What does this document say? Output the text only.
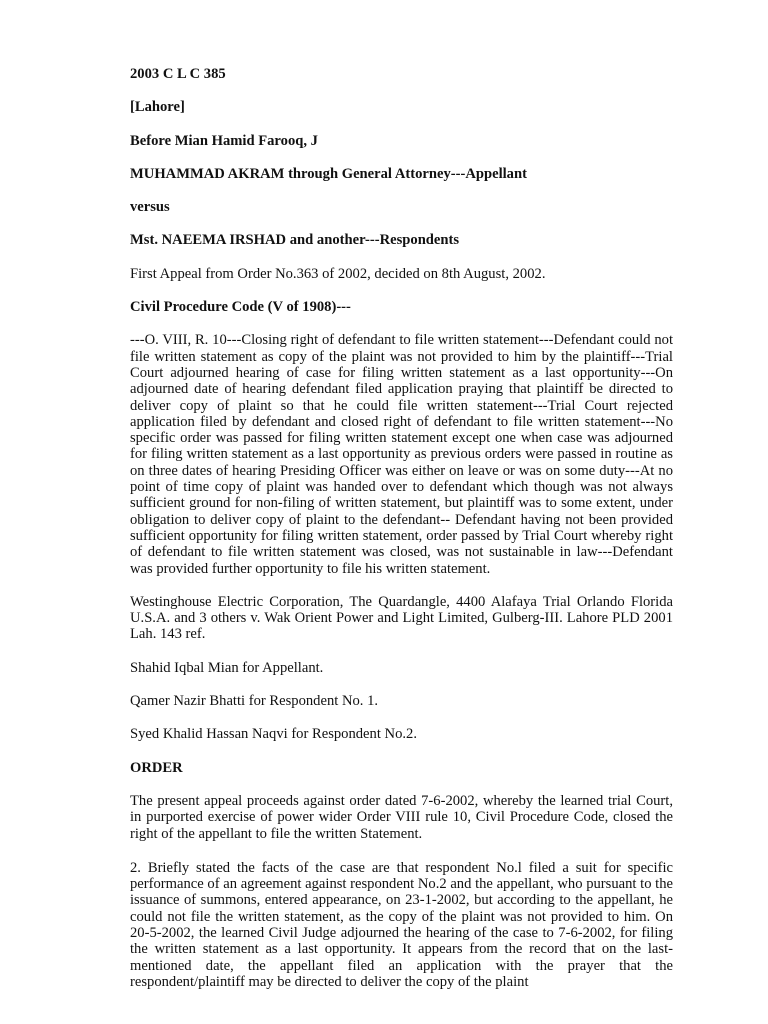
2003 C L C 385

[Lahore]

Before Mian Hamid Farooq, J

MUHAMMAD AKRAM through General Attorney---Appellant

versus

Mst. NAEEMA IRSHAD and another---Respondents

First Appeal from Order No.363 of 2002, decided on 8th August, 2002.

Civil Procedure Code (V of 1908)---

---O. VIII, R. 10---Closing right of defendant to file written statement---Defendant could not file written statement as copy of the plaint was not provided to him by the plaintiff---Trial Court adjourned hearing of case for filing written statement as a last opportunity---On adjourned date of hearing defendant filed application praying that plaintiff be directed to deliver copy of plaint so that he could file written statement---Trial Court rejected application filed by defendant and closed right of defendant to file written statement---No specific order was passed for filing written statement except one when case was adjourned for filing written statement as a last opportunity as previous orders were passed in routine as on three dates of hearing Presiding Officer was either on leave or was on some duty---At no point of time copy of plaint was handed over to defendant which though was not always sufficient ground for non-filing of written statement, but plaintiff was to some extent, under obligation to deliver copy of plaint to the defendant-- Defendant having not been provided sufficient opportunity for filing written statement, order passed by Trial Court whereby right of defendant to file written statement was closed, was not sustainable in law---Defendant was provided further opportunity to file his written statement.

Westinghouse Electric Corporation, The Quardangle, 4400 Alafaya Trial Orlando Florida U.S.A. and 3 others v. Wak Orient Power and Light Limited, Gulberg-III. Lahore PLD 2001 Lah. 143 ref.

Shahid Iqbal Mian for Appellant.

Qamer Nazir Bhatti for Respondent No. 1.

Syed Khalid Hassan Naqvi for Respondent No.2.

ORDER

The present appeal proceeds against order dated 7-6-2002, whereby the learned trial Court, in purported exercise of power wider Order VIII rule 10, Civil Procedure Code, closed the right of the appellant to file the written Statement.

2. Briefly stated the facts of the case are that respondent No.l filed a suit for specific performance of an agreement against respondent No.2 and the appellant, who pursuant to the issuance of summons, entered appearance, on 23-1-2002, but according to the appellant, he could not file the written statement, as the copy of the plaint was not provided to him. On 20-5-2002, the learned Civil Judge adjourned the hearing of the case to 7-6-2002, for filing the written statement as a last opportunity. It appears from the record that on the last-mentioned date, the appellant filed an application with the prayer that the respondent/plaintiff may be directed to deliver the copy of the plaint
